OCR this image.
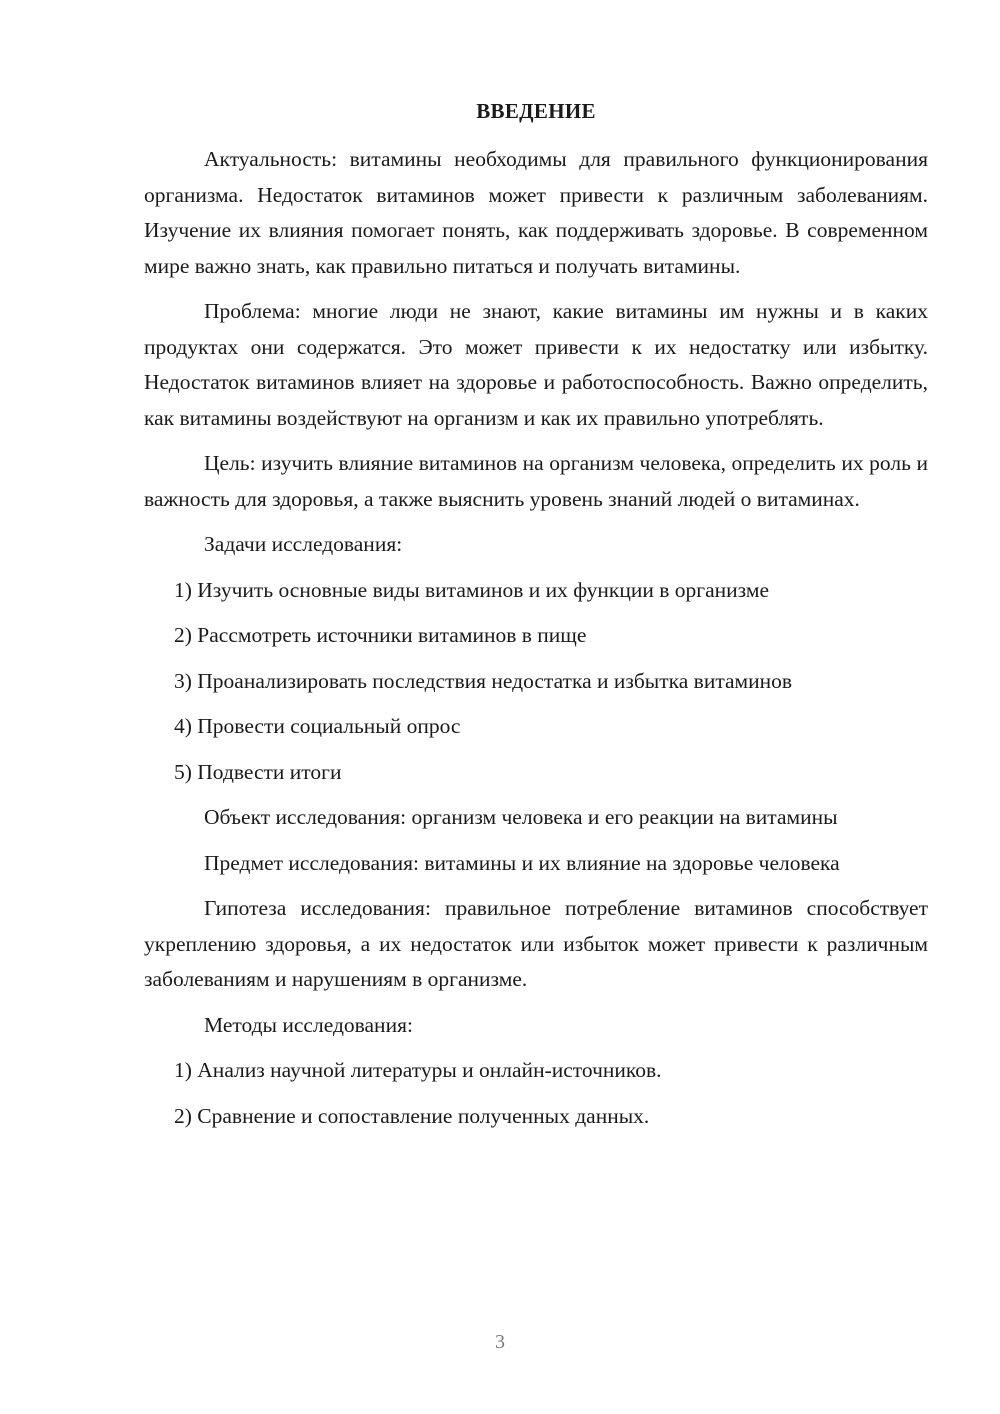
ВВЕДЕНИЕ

Актуальность: витамины необходимы для правильного функционирования организма. Недостаток витаминов может привести к различным заболеваниям. Изучение их влияния помогает понять, как поддерживать здоровье. В современном мире важно знать, как правильно питаться и получать витамины.

Проблема: многие люди не знают, какие витамины им нужны и в каких продуктах они содержатся. Это может привести к их недостатку или избытку. Недостаток витаминов влияет на здоровье и работоспособность. Важно определить, как витамины воздействуют на организм и как их правильно употреблять.

Цель: изучить влияние витаминов на организм человека, определить их роль и важность для здоровья, а также выяснить уровень знаний людей о витаминах.

Задачи исследования:

1) Изучить основные виды витаминов и их функции в организме

2) Рассмотреть источники витаминов в пище

3) Проанализировать последствия недостатка и избытка витаминов

4) Провести социальный опрос

5) Подвести итоги

Объект исследования: организм человека и его реакции на витамины

Предмет исследования: витамины и их влияние на здоровье человека

Гипотеза исследования: правильное потребление витаминов способствует укреплению здоровья, а их недостаток или избыток может привести к различным заболеваниям и нарушениям в организме.

Методы исследования:

1) Анализ научной литературы и онлайн-источников.

2) Сравнение и сопоставление полученных данных.

3
